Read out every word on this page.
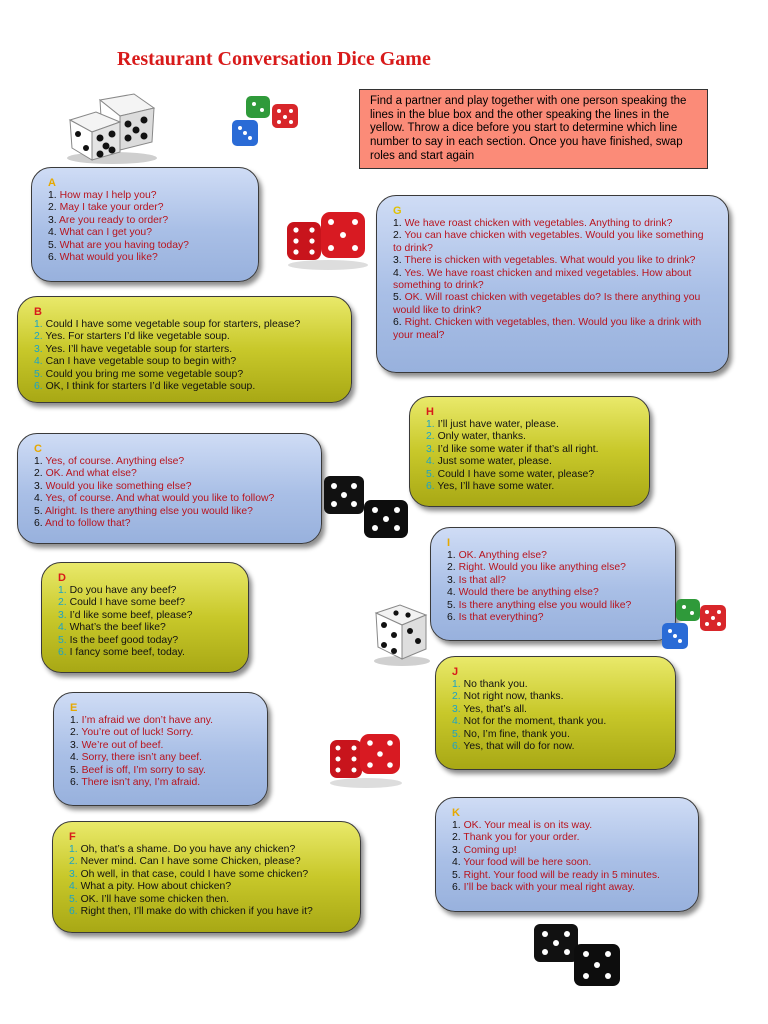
Restaurant Conversation Dice Game
Find a partner and play together with one person speaking the lines in the blue box and the other speaking the lines in the yellow. Throw a dice before you start to determine which line number to say in each section. Once you have finished, swap roles and start again
A
1. How may I help you?
2. May I take your order?
3. Are you ready to order?
4. What can I get you?
5. What are you having today?
6. What would you like?
B
1. Could I have some vegetable soup for starters, please?
2. Yes. For starters I’d like vegetable soup.
3. Yes. I’ll have vegetable soup for starters.
4. Can I have vegetable soup to begin with?
5. Could you bring me some vegetable soup?
6. OK, I think for starters I’d like vegetable soup.
C
1. Yes, of course. Anything else?
2. OK. And what else?
3. Would you like something else?
4. Yes, of course. And what would you like to follow?
5. Alright. Is there anything else you would like?
6. And to follow that?
D
1. Do you have any beef?
2. Could I have some beef?
3. I’d like some beef, please?
4. What’s the beef like?
5. Is the beef good today?
6. I fancy some beef, today.
E
1. I’m afraid we don’t have any.
2. You’re out of luck! Sorry.
3. We’re out of beef.
4. Sorry, there isn’t any beef.
5. Beef is off, I’m sorry to say.
6. There isn’t any, I’m afraid.
F
1. Oh, that’s a shame. Do you have any chicken?
2. Never mind. Can I have some Chicken, please?
3. Oh well, in that case, could I have some chicken?
4. What a pity. How about chicken?
5. OK. I’ll have some chicken then.
6. Right then, I’ll make do with chicken if you have it?
G
1. We have roast chicken with vegetables. Anything to drink?
2. You can have chicken with vegetables. Would you like something to drink?
3. There is chicken with vegetables. What would you like to drink?
4. Yes. We have roast chicken and mixed vegetables. How about something to drink?
5. OK. Will roast chicken with vegetables do? Is there anything you would like to drink?
6. Right. Chicken with vegetables, then. Would you like a drink with your meal?
H
1. I’ll just have water, please.
2. Only water, thanks.
3. I’d like some water if that’s all right.
4. Just some water, please.
5. Could I have some water, please?
6. Yes, I’ll have some water.
I
1. OK. Anything else?
2. Right. Would you like anything else?
3. Is that all?
4. Would there be anything else?
5. Is there anything else you would like?
6. Is that everything?
J
1. No thank you.
2. Not right now, thanks.
3. Yes, that’s all.
4. Not for the moment, thank you.
5. No, I’m fine, thank you.
6. Yes, that will do for now.
K
1. OK. Your meal is on its way.
2. Thank you for your order.
3. Coming up!
4. Your food will be here soon.
5. Right. Your food will be ready in 5 minutes.
6. I’ll be back with your meal right away.
